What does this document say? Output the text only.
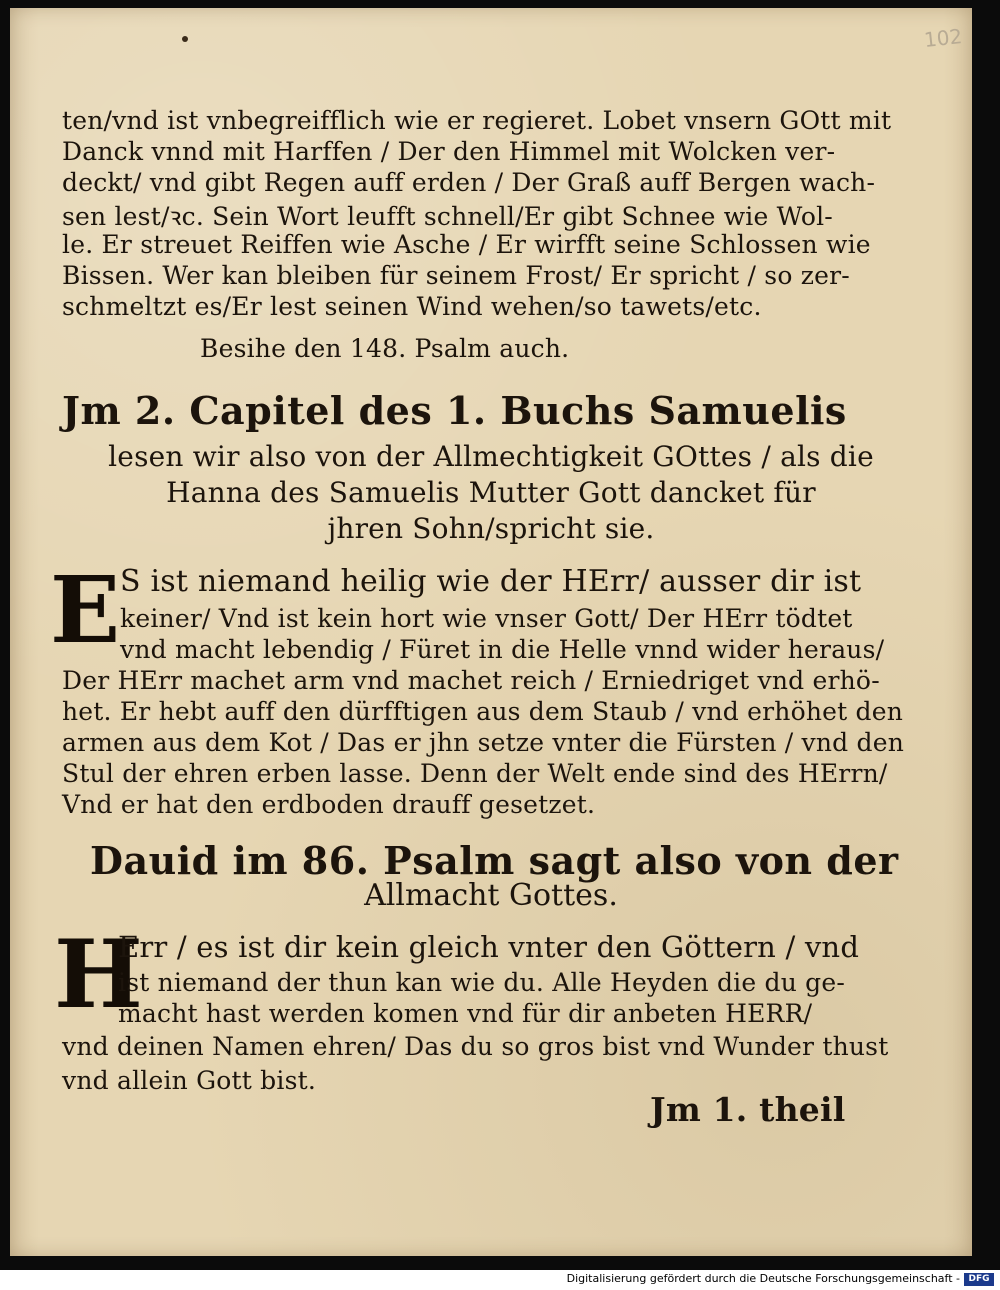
102
ten/vnd ist vnbegreifflich wie er regieret. Lobet vnsern GOtt mit
Danck vnnd mit Harffen / Der den Himmel mit Wolcken ver-
deckt/ vnd gibt Regen auff erden / Der Graß auff Bergen wach-
sen lest/ꝛc. Sein Wort leufft schnell/Er gibt Schnee wie Wol-
le. Er streuet Reiffen wie Asche / Er wirfft seine Schlossen wie
Bissen. Wer kan bleiben für seinem Frost/ Er spricht / so zer-
schmeltzt es/Er lest seinen Wind wehen/so tawets/etc.
Besihe den 148. Psalm auch.
Jm 2. Capitel des 1. Buchs Samuelis
lesen wir also von der Allmechtigkeit GOttes / als die
Hanna des Samuelis Mutter Gott dancket für
jhren Sohn/spricht sie.
E S ist niemand heilig wie der HErr/ ausser dir ist
keiner/ Vnd ist kein hort wie vnser Gott/ Der HErr tödtet
vnd macht lebendig / Füret in die Helle vnnd wider heraus/
Der HErr machet arm vnd machet reich / Erniedriget vnd erhö-
het. Er hebt auff den dürfftigen aus dem Staub / vnd erhöhet den
armen aus dem Kot / Das er jhn setze vnter die Fürsten / vnd den
Stul der ehren erben lasse. Denn der Welt ende sind des HErrn/
Vnd er hat den erdboden drauff gesetzet.
Dauid im 86. Psalm sagt also von der
Allmacht Gottes.
H
Err / es ist dir kein gleich vnter den Göttern / vnd
ist niemand der thun kan wie du. Alle Heyden die du ge-
macht hast werden komen vnd für dir anbeten HERR/
vnd deinen Namen ehren/ Das du so gros bist vnd Wunder thust
vnd allein Gott bist.
Jm 1. theil
Digitalisierung gefördert durch die Deutsche Forschungsgemeinschaft - DFG
